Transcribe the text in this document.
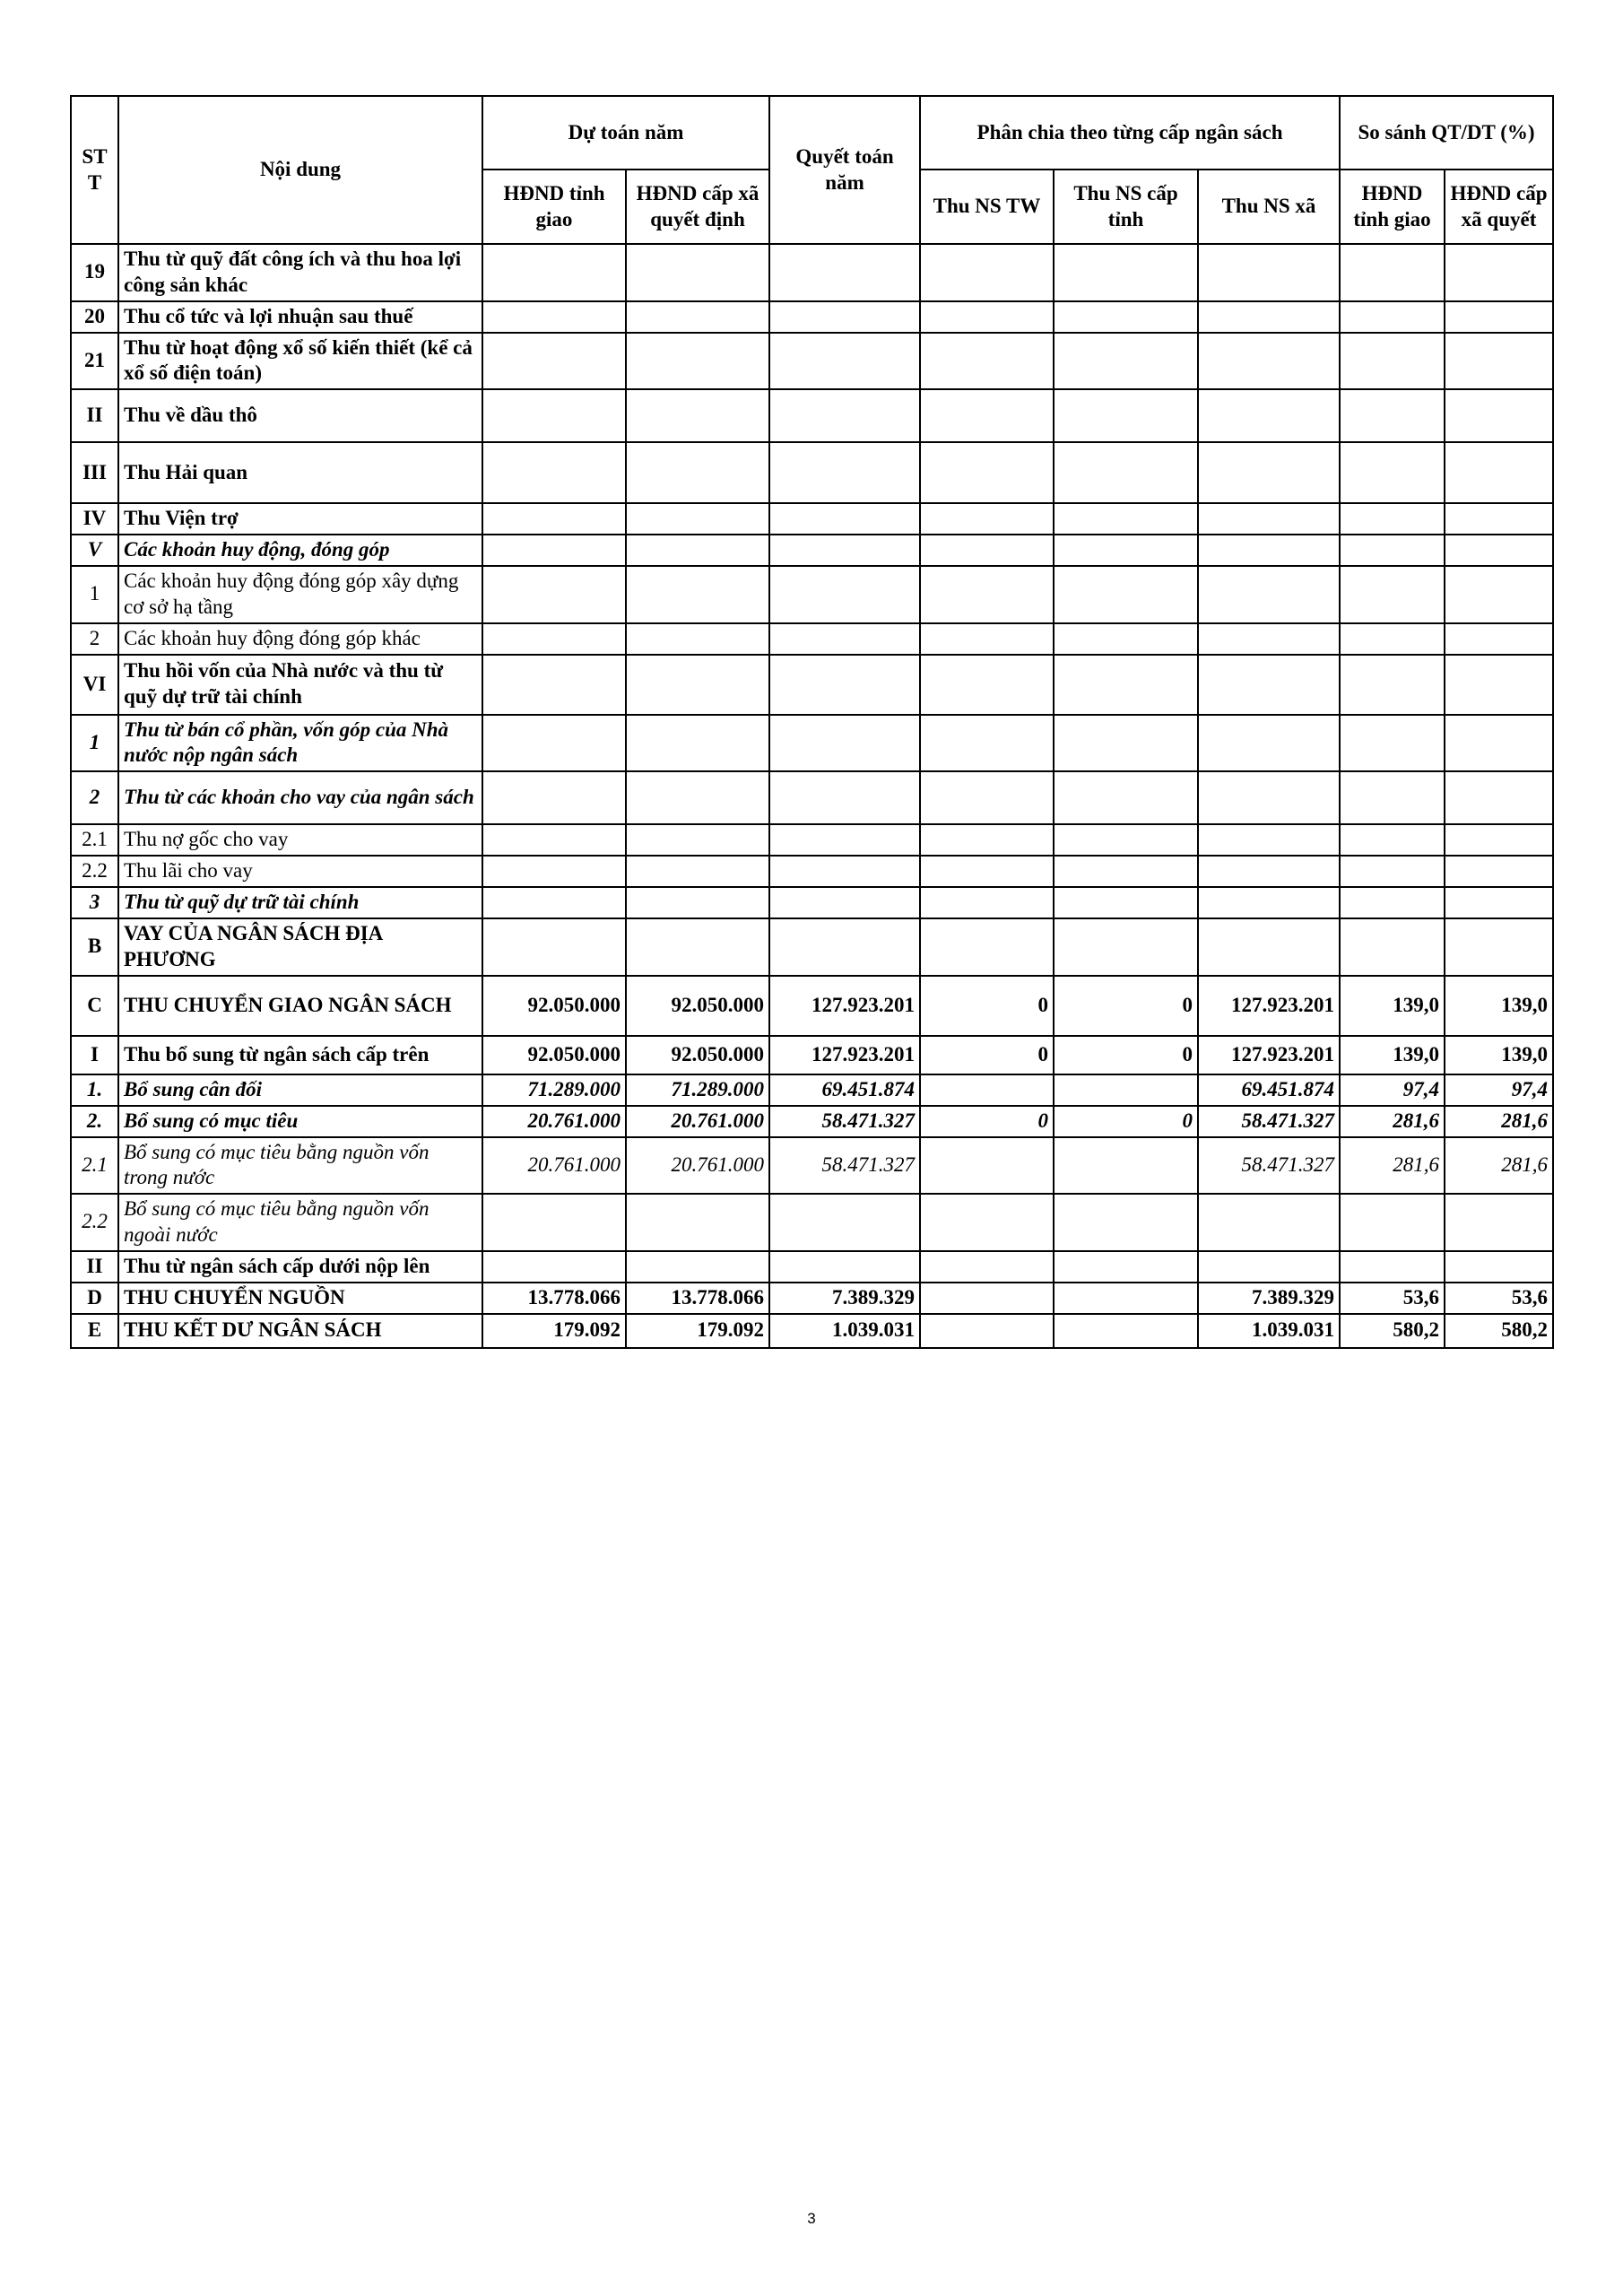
ST T	Nội dung	Dự toán năm		Quyết toán năm	Phân chia theo từng cấp ngân sách			So sánh QT/DT (%)	
		HĐND tỉnh giao	HĐND cấp xã quyết định		Thu NS TW	Thu NS cấp tỉnh	Thu NS xã	HĐND tỉnh giao	HĐND cấp xã quyết
19	Thu từ quỹ đất công ích và thu hoa lợi công sản khác								
20	Thu cổ tức và lợi nhuận sau thuế								
21	Thu từ hoạt động xổ số kiến thiết (kể cả xổ số điện toán)								
II	Thu về dầu thô								
III	Thu Hải quan								
IV	Thu Viện trợ								
V	Các khoản huy động, đóng góp								
1	Các khoản huy động đóng góp xây dựng cơ sở hạ tầng								
2	Các khoản huy động đóng góp khác								
VI	Thu hồi vốn của Nhà nước và thu từ quỹ dự trữ tài chính								
1	Thu từ bán cổ phần, vốn góp của Nhà nước nộp ngân sách								
2	Thu từ các khoản cho vay của ngân sách								
2.1	Thu nợ gốc cho vay								
2.2	Thu lãi cho vay								
3	Thu từ quỹ dự trữ tài chính								
B	VAY CỦA NGÂN SÁCH ĐỊA PHƯƠNG								
C	THU CHUYỂN GIAO NGÂN SÁCH	92.050.000	92.050.000	127.923.201	0	0	127.923.201	139,0	139,0
I	Thu bổ sung từ ngân sách cấp trên	92.050.000	92.050.000	127.923.201	0	0	127.923.201	139,0	139,0
1.	Bổ sung cân đối	71.289.000	71.289.000	69.451.874			69.451.874	97,4	97,4
2.	Bổ sung có mục tiêu	20.761.000	20.761.000	58.471.327	0	0	58.471.327	281,6	281,6
2.1	Bổ sung có mục tiêu bằng nguồn vốn trong nước	20.761.000	20.761.000	58.471.327			58.471.327	281,6	281,6
2.2	Bổ sung có mục tiêu bằng nguồn vốn ngoài nước								
II	Thu từ ngân sách cấp dưới nộp lên								
D	THU CHUYỂN NGUỒN	13.778.066	13.778.066	7.389.329			7.389.329	53,6	53,6
E	THU KẾT DƯ NGÂN SÁCH	179.092	179.092	1.039.031			1.039.031	580,2	580,2
3
